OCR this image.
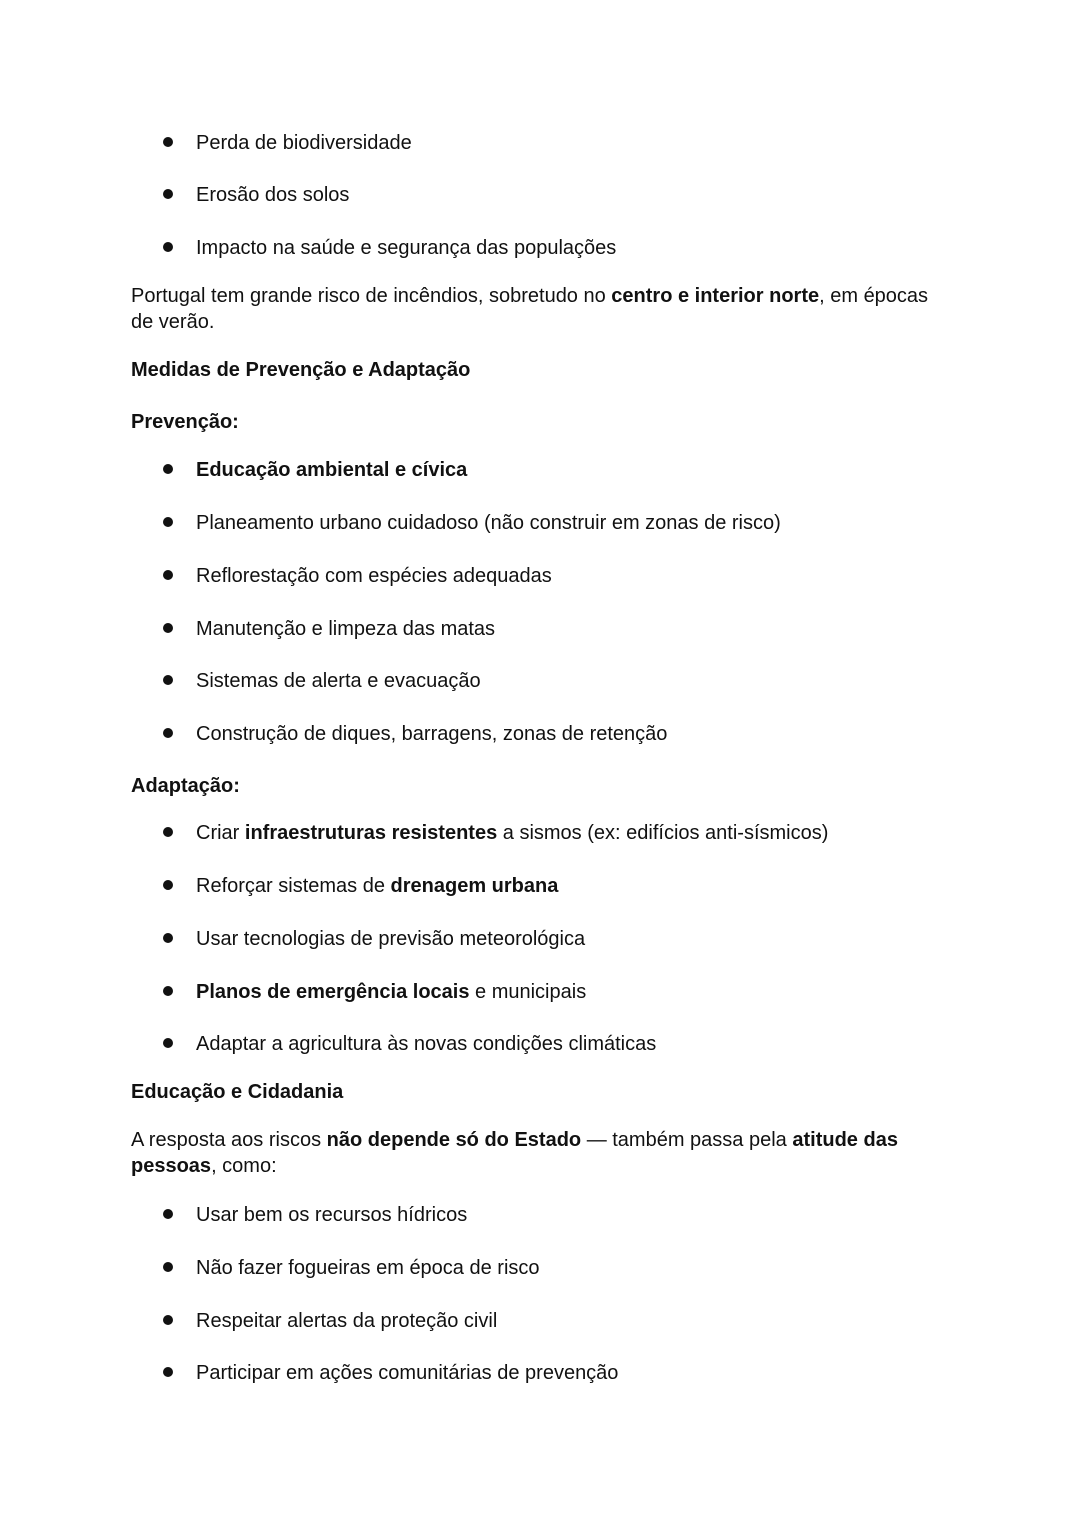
Perda de biodiversidade
Erosão dos solos
Impacto na saúde e segurança das populações

Portugal tem grande risco de incêndios, sobretudo no centro e interior norte, em épocas de verão.

Medidas de Prevenção e Adaptação

Prevenção:

Educação ambiental e cívica
Planeamento urbano cuidadoso (não construir em zonas de risco)
Reflorestação com espécies adequadas
Manutenção e limpeza das matas
Sistemas de alerta e evacuação
Construção de diques, barragens, zonas de retenção

Adaptação:

Criar infraestruturas resistentes a sismos (ex: edifícios anti-sísmicos)
Reforçar sistemas de drenagem urbana
Usar tecnologias de previsão meteorológica
Planos de emergência locais e municipais
Adaptar a agricultura às novas condições climáticas

Educação e Cidadania

A resposta aos riscos não depende só do Estado — também passa pela atitude das pessoas, como:

Usar bem os recursos hídricos
Não fazer fogueiras em época de risco
Respeitar alertas da proteção civil
Participar em ações comunitárias de prevenção
